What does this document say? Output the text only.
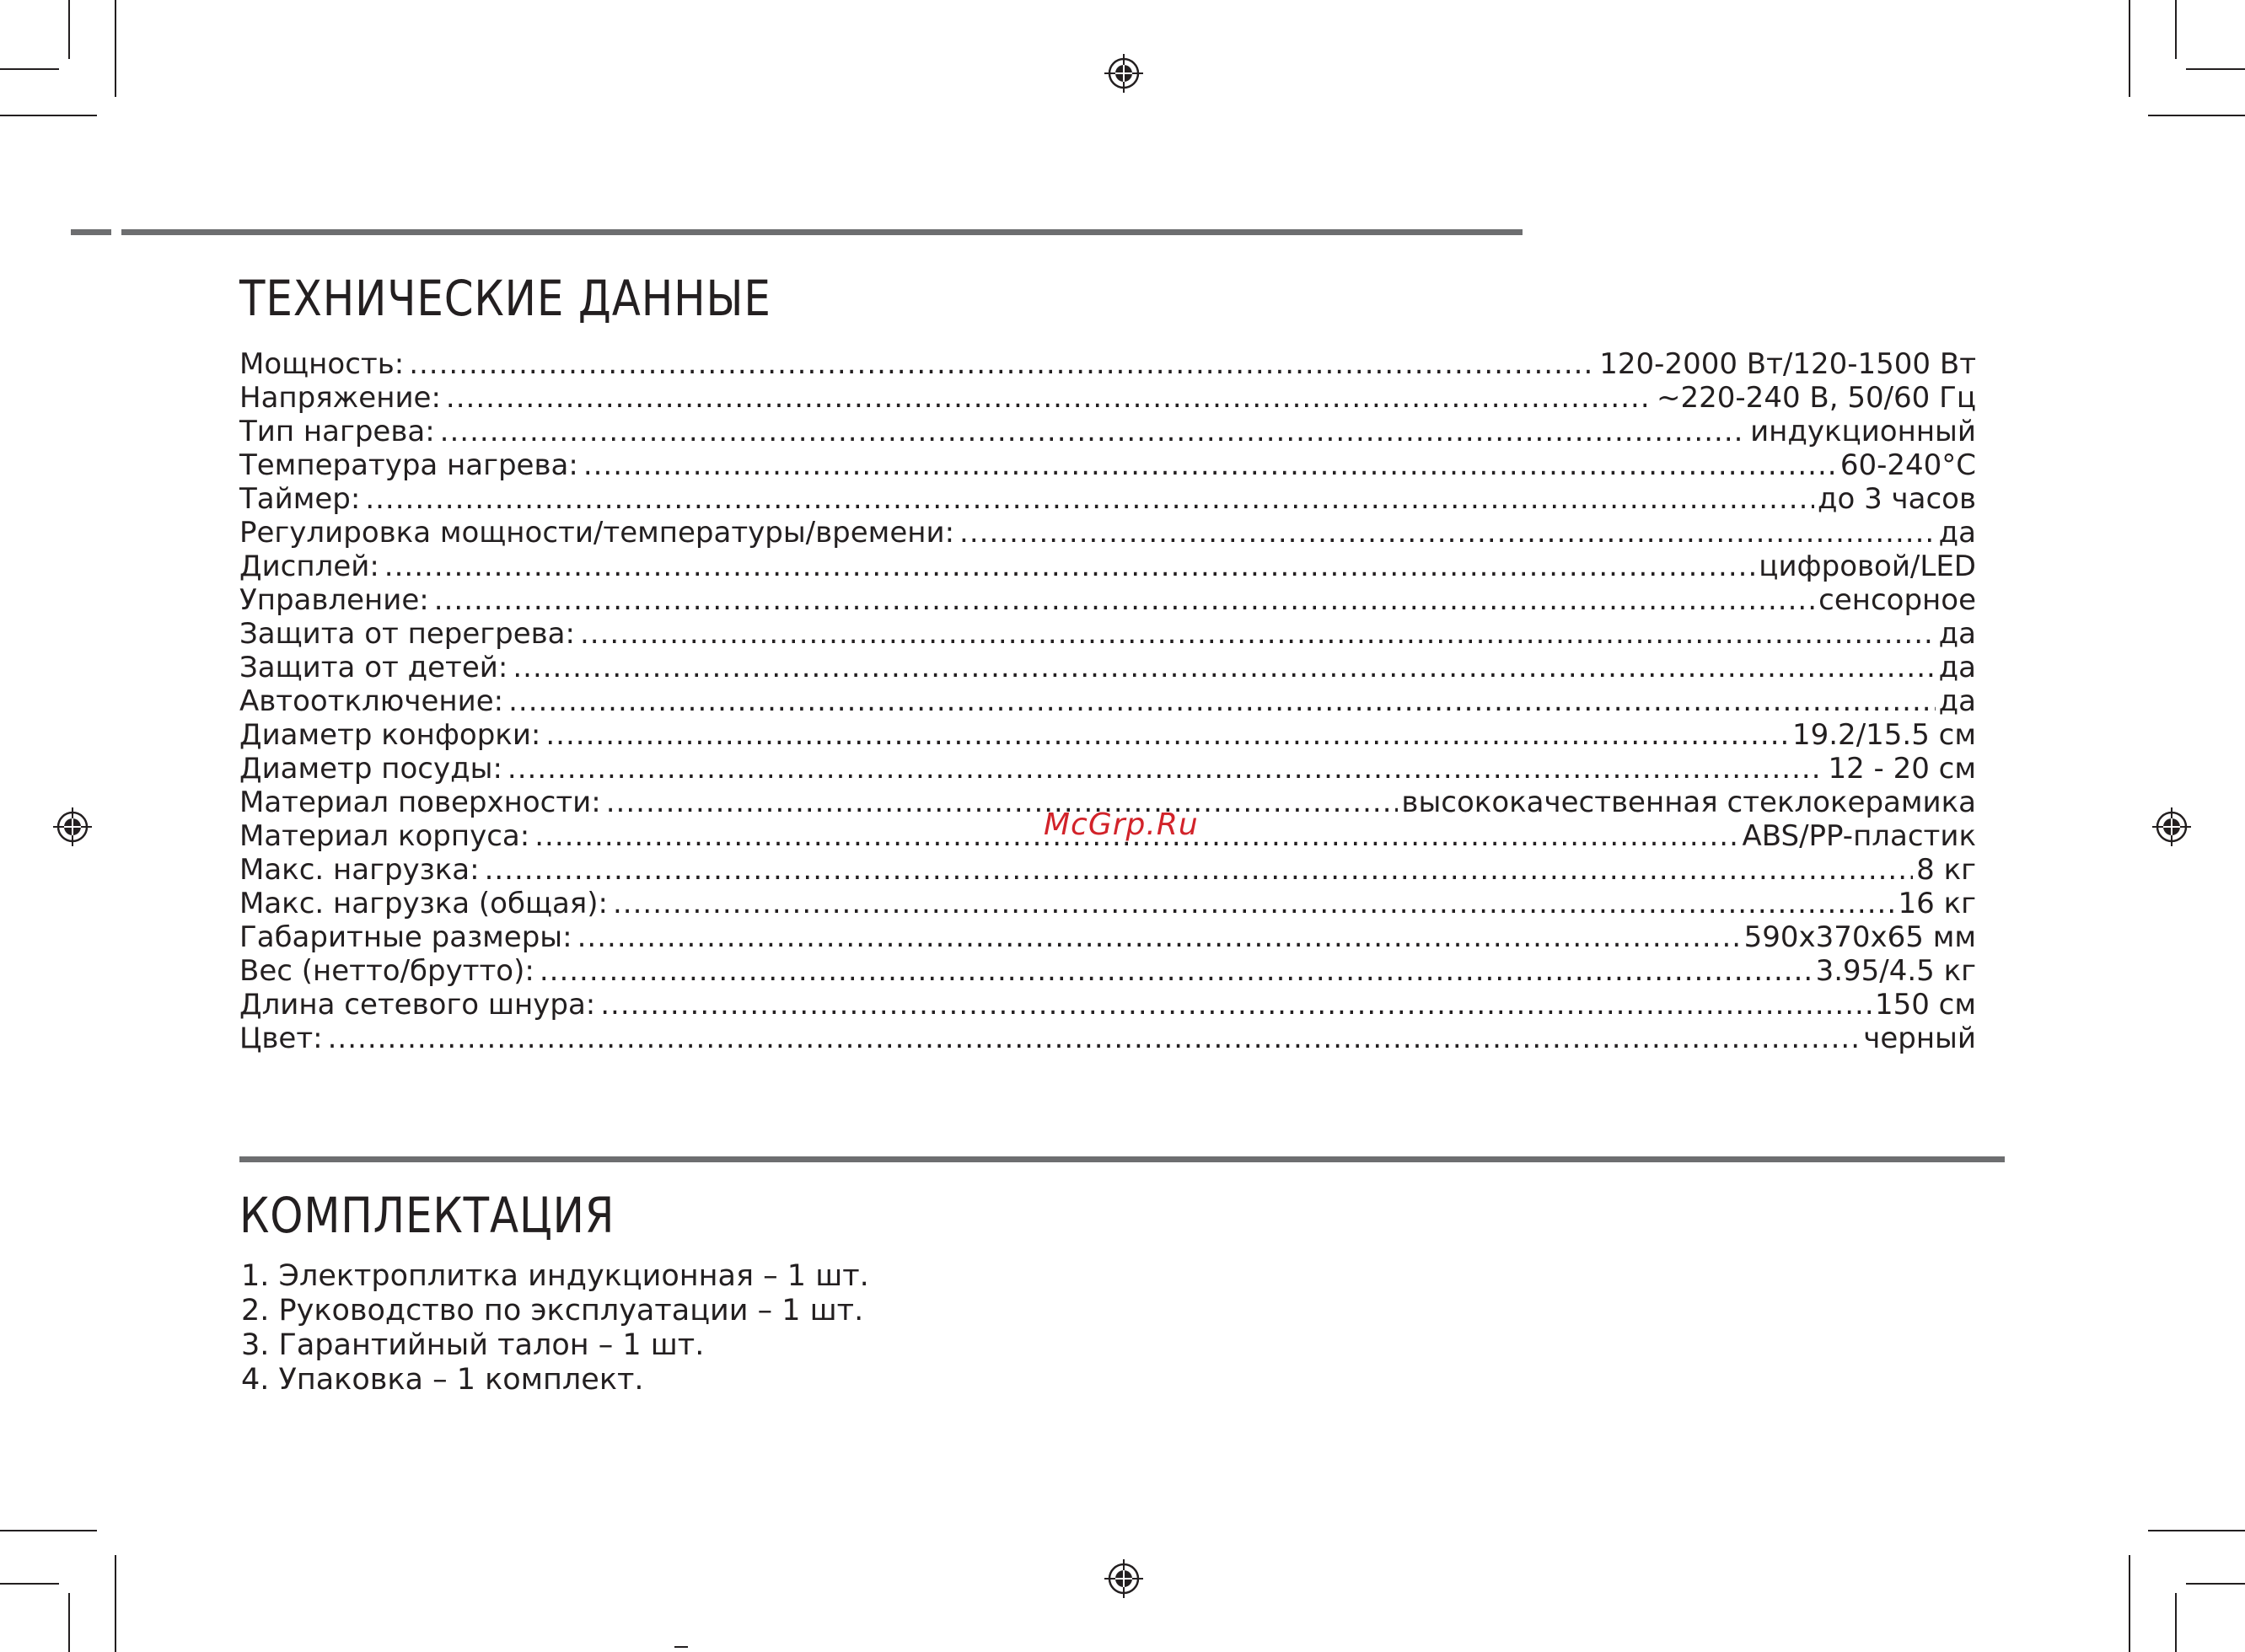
ТЕХНИЧЕСКИЕ ДАННЫЕ
Мощность: .....	120-2000 Вт/120-1500 Вт
Напряжение: .....	~220-240 В, 50/60 Гц
Тип нагрева: .....	индукционный
Температура нагрева: .....	60-240°С
Таймер: .....	до 3 часов
Регулировка мощности/температуры/времени: .....	да
Дисплей: .....	цифровой/LED
Управление: .....	сенсорное
Защита от перегрева: .....	да
Защита от детей: .....	да
Автоотключение: .....	да
Диаметр конфорки: .....	19.2/15.5 см
Диаметр посуды: .....	12 - 20 см
Материал поверхности: .....	высококачественная стеклокерамика
Материал корпуса: .....	ABS/PP-пластик
Макс. нагрузка: .....	8 кг
Макс. нагрузка (общая): .....	16 кг
Габаритные размеры: .....	590х370х65 мм
Вес (нетто/брутто): .....	3.95/4.5 кг
Длина сетевого шнура: .....	150 см
Цвет: .....	черный
McGrp.Ru
КОМПЛЕКТАЦИЯ
1. Электроплитка индукционная – 1 шт.
2. Руководство по эксплуатации – 1 шт.
3. Гарантийный талон – 1 шт.
4. Упаковка – 1 комплект.
